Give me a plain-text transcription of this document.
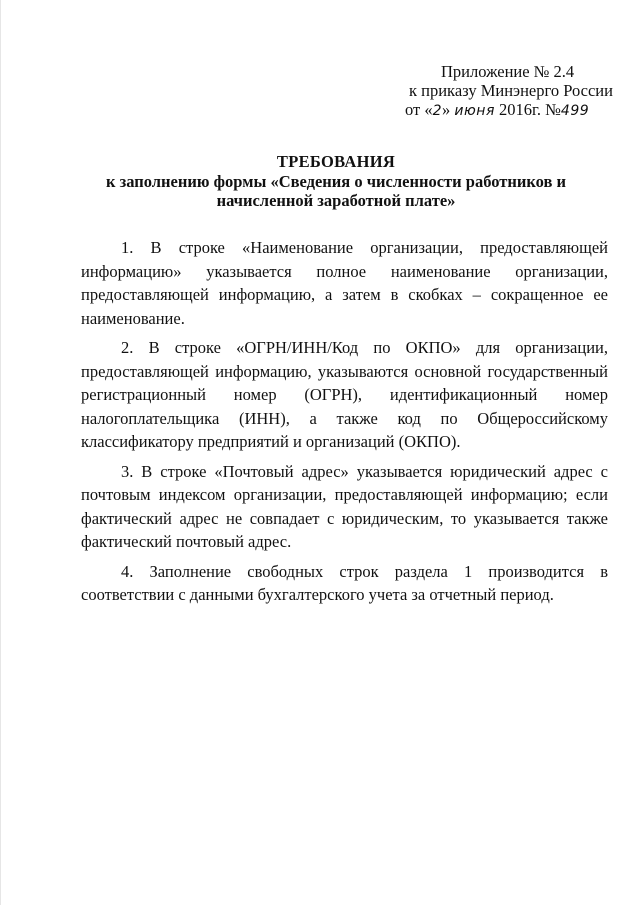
Приложение № 2.4
к приказу Минэнерго России
от «2» июня 2016г. №499
ТРЕБОВАНИЯ
к заполнению формы «Сведения о численности работников и начисленной заработной плате»

1. В строке «Наименование организации, предоставляющей информацию» указывается полное наименование организации, предоставляющей информацию, а затем в скобках – сокращенное ее наименование.

2. В строке «ОГРН/ИНН/Код по ОКПО» для организации, предоставляющей информацию, указываются основной государственный регистрационный номер (ОГРН), идентификационный номер налогоплательщика (ИНН), а также код по Общероссийскому классификатору предприятий и организаций (ОКПО).

3. В строке «Почтовый адрес» указывается юридический адрес с почтовым индексом организации, предоставляющей информацию; если фактический адрес не совпадает с юридическим, то указывается также фактический почтовый адрес.

4. Заполнение свободных строк раздела 1 производится в соответствии с данными бухгалтерского учета за отчетный период.
